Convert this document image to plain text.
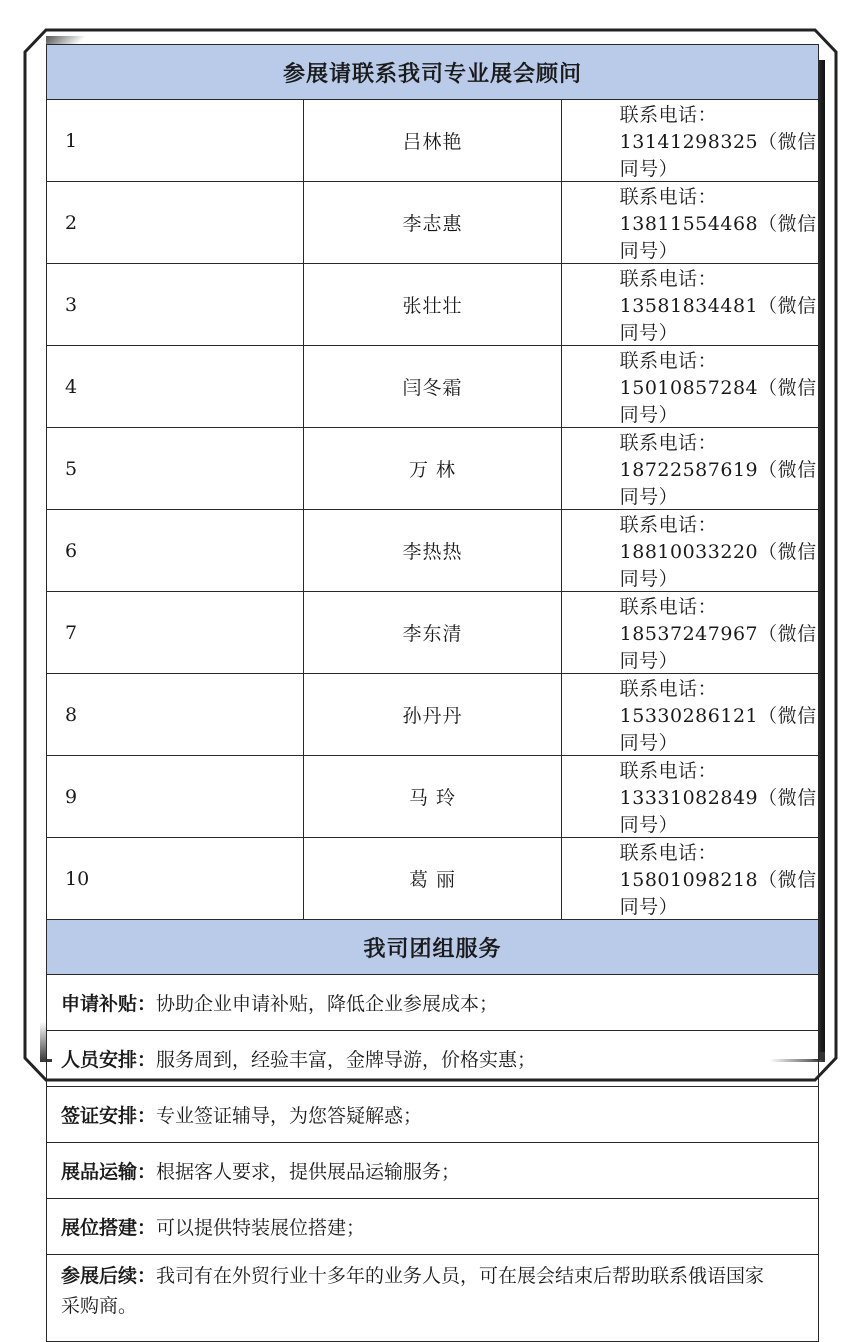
参展请联系我司专业展会顾问		
1	吕林艳	联系电话：13141298325（微信同号）
2	李志惠	联系电话：13811554468（微信同号）
3	张壮壮	联系电话：13581834481（微信同号）
4	闫冬霜	联系电话：15010857284（微信同号）
5	万 林	联系电话：18722587619（微信同号）
6	李热热	联系电话：18810033220（微信同号）
7	李东清	联系电话：18537247967（微信同号）
8	孙丹丹	联系电话：15330286121（微信同号）
9	马 玲	联系电话：13331082849（微信同号）
10	葛 丽	联系电话：15801098218（微信同号）
我司团组服务		
申请补贴：协助企业申请补贴，降低企业参展成本；		
人员安排：服务周到，经验丰富，金牌导游，价格实惠；		
签证安排：专业签证辅导，为您答疑解惑；		
展品运输：根据客人要求，提供展品运输服务；		
展位搭建：可以提供特装展位搭建；		
参展后续：我司有在外贸行业十多年的业务人员，可在展会结束后帮助联系俄语国家采购商。		
